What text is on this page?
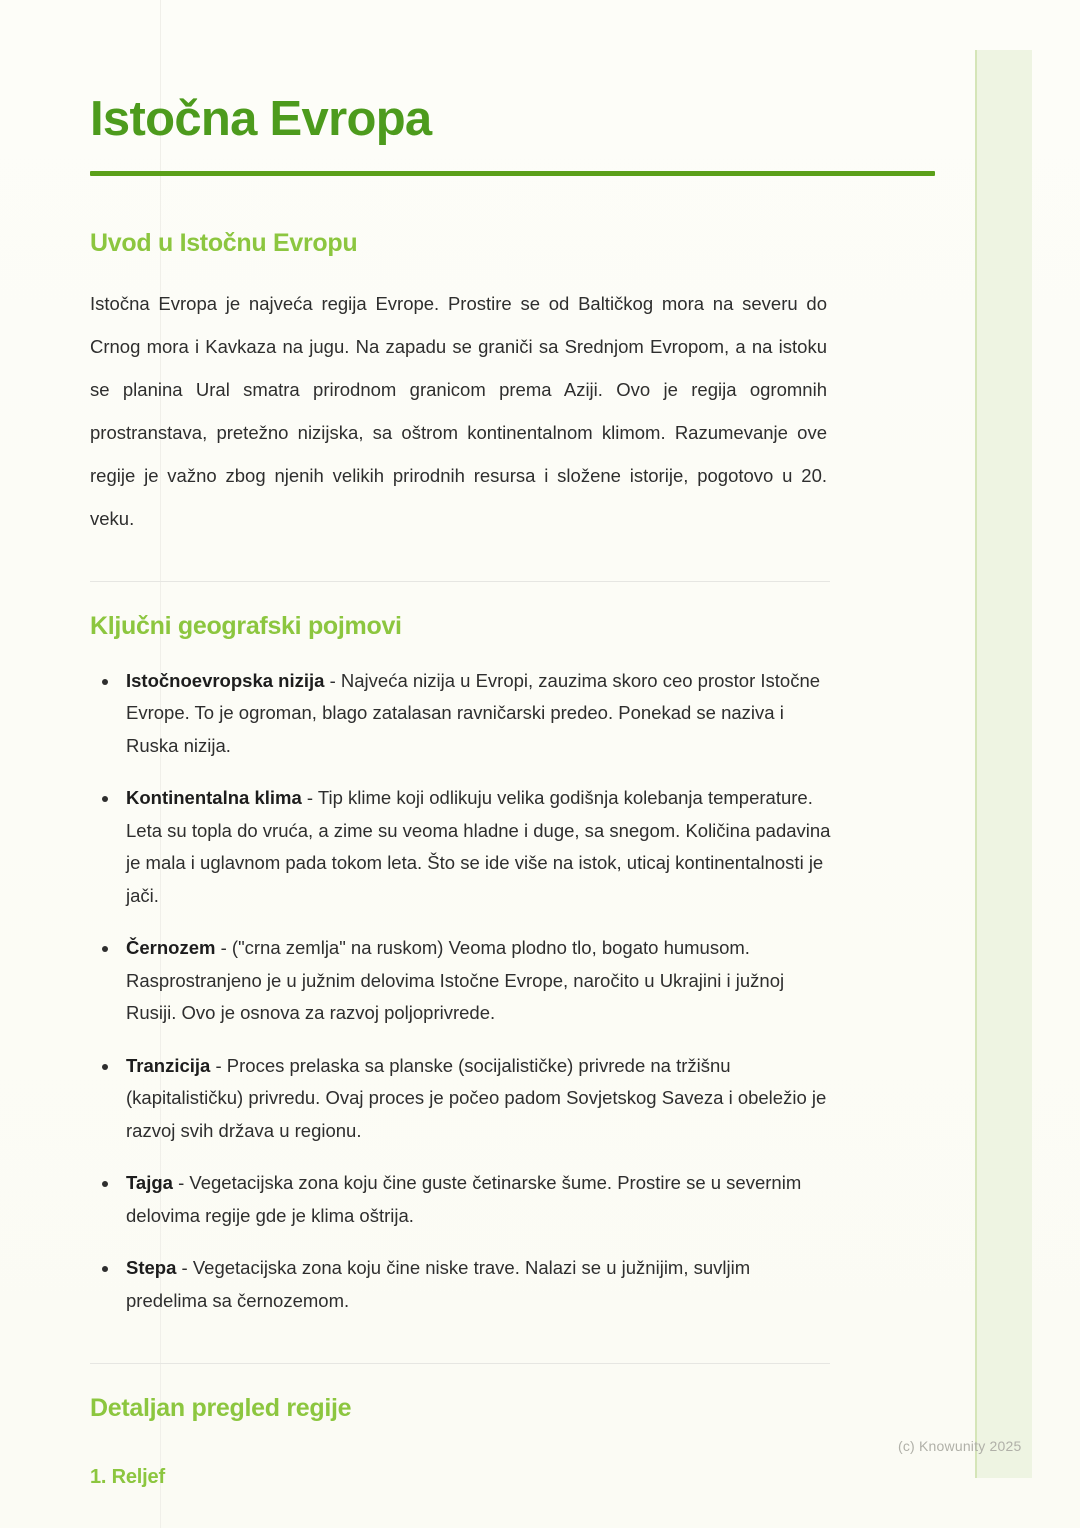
Istočna Evropa
Uvod u Istočnu Evropu

Istočna Evropa je najveća regija Evrope. Prostire se od Baltičkog mora na severu do Crnog mora i Kavkaza na jugu. Na zapadu se graniči sa Srednjom Evropom, a na istoku se planina Ural smatra prirodnom granicom prema Aziji. Ovo je regija ogromnih prostranstava, pretežno nizijska, sa oštrom kontinentalnom klimom. Razumevanje ove regije je važno zbog njenih velikih prirodnih resursa i složene istorije, pogotovo u 20. veku.

Ključni geografski pojmovi
Istočnoevropska nizija - Najveća nizija u Evropi, zauzima skoro ceo prostor Istočne Evrope. To je ogroman, blago zatalasan ravničarski predeo. Ponekad se naziva i Ruska nizija.
Kontinentalna klima - Tip klime koji odlikuju velika godišnja kolebanja temperature. Leta su topla do vruća, a zime su veoma hladne i duge, sa snegom. Količina padavina je mala i uglavnom pada tokom leta. Što se ide više na istok, uticaj kontinentalnosti je jači.
Černozem - ("crna zemlja" na ruskom) Veoma plodno tlo, bogato humusom. Rasprostranjeno je u južnim delovima Istočne Evrope, naročito u Ukrajini i južnoj Rusiji. Ovo je osnova za razvoj poljoprivrede.
Tranzicija - Proces prelaska sa planske (socijalističke) privrede na tržišnu (kapitalističku) privredu. Ovaj proces je počeo padom Sovjetskog Saveza i obeležio je razvoj svih država u regionu.
Tajga - Vegetacijska zona koju čine guste četinarske šume. Prostire se u severnim delovima regije gde je klima oštrija.
Stepa - Vegetacijska zona koju čine niske trave. Nalazi se u južnijim, suvljim predelima sa černozemom.
Detaljan pregled regije
1. Reljef
(c) Knowunity 2025
